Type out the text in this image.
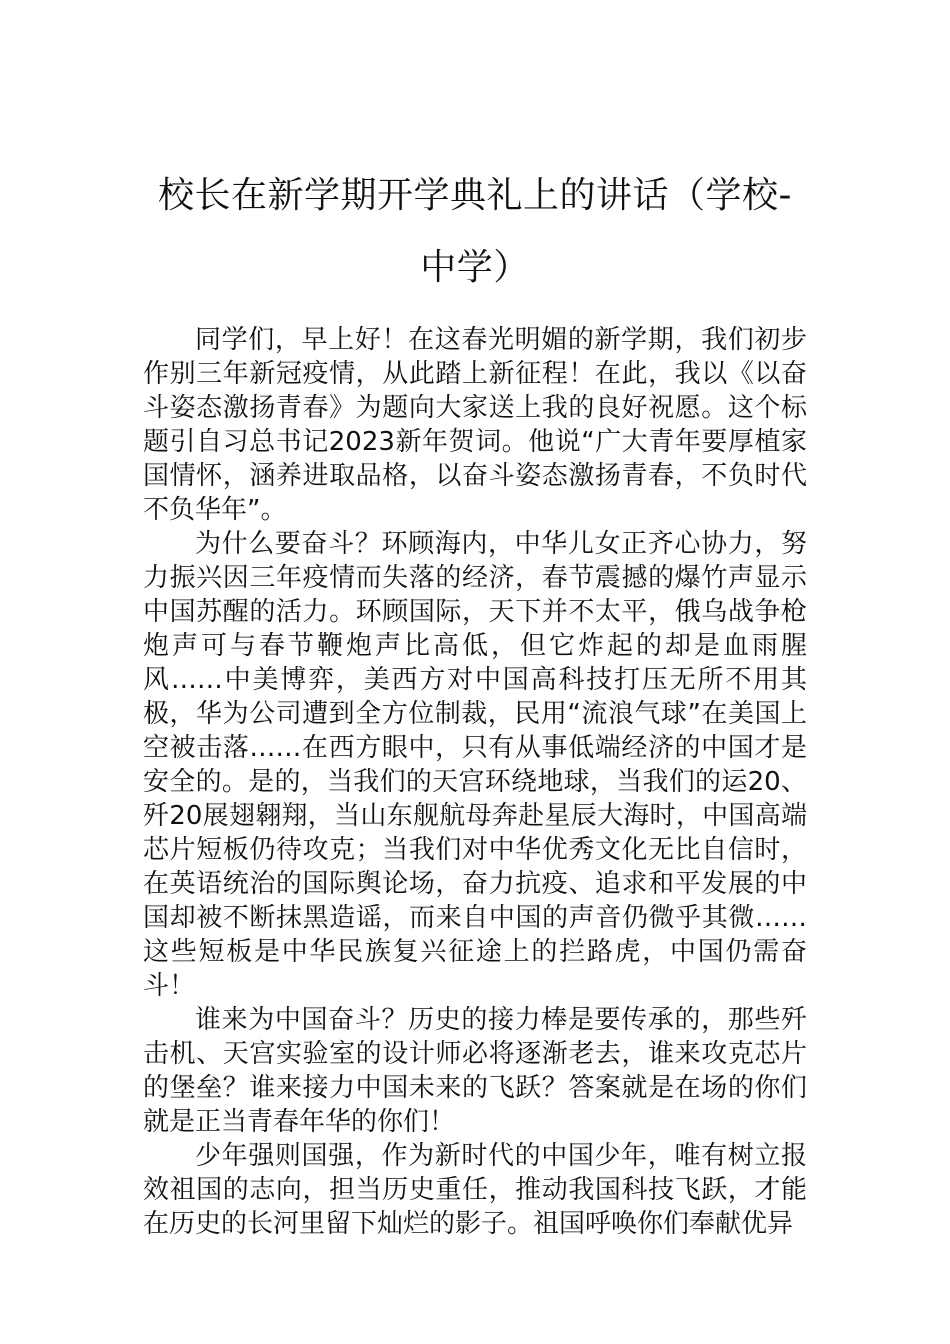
校长在新学期开学典礼上的讲话（学校-中学）

同学们，早上好！在这春光明媚的新学期，我们初步作别三年新冠疫情，从此踏上新征程！在此，我以《以奋斗姿态激扬青春》为题向大家送上我的良好祝愿。这个标题引自习总书记2023新年贺词。他说“广大青年要厚植家国情怀，涵养进取品格，以奋斗姿态激扬青春，不负时代不负华年”。

为什么要奋斗？环顾海内，中华儿女正齐心协力，努力振兴因三年疫情而失落的经济，春节震撼的爆竹声显示中国苏醒的活力。环顾国际，天下并不太平，俄乌战争枪炮声可与春节鞭炮声比高低，但它炸起的却是血雨腥风……中美博弈，美西方对中国高科技打压无所不用其极，华为公司遭到全方位制裁，民用“流浪气球”在美国上空被击落……在西方眼中，只有从事低端经济的中国才是安全的。是的，当我们的天宫环绕地球，当我们的运20、歼20展翅翱翔，当山东舰航母奔赴星辰大海时，中国高端芯片短板仍待攻克；当我们对中华优秀文化无比自信时，在英语统治的国际舆论场，奋力抗疫、追求和平发展的中国却被不断抹黑造谣，而来自中国的声音仍微乎其微……这些短板是中华民族复兴征途上的拦路虎，中国仍需奋斗！

谁来为中国奋斗？历史的接力棒是要传承的，那些歼击机、天宫实验室的设计师必将逐渐老去，谁来攻克芯片的堡垒？谁来接力中国未来的飞跃？答案就是在场的你们就是正当青春年华的你们！

少年强则国强，作为新时代的中国少年，唯有树立报效祖国的志向，担当历史重任，推动我国科技飞跃，才能在历史的长河里留下灿烂的影子。祖国呼唤你们奉献优异
